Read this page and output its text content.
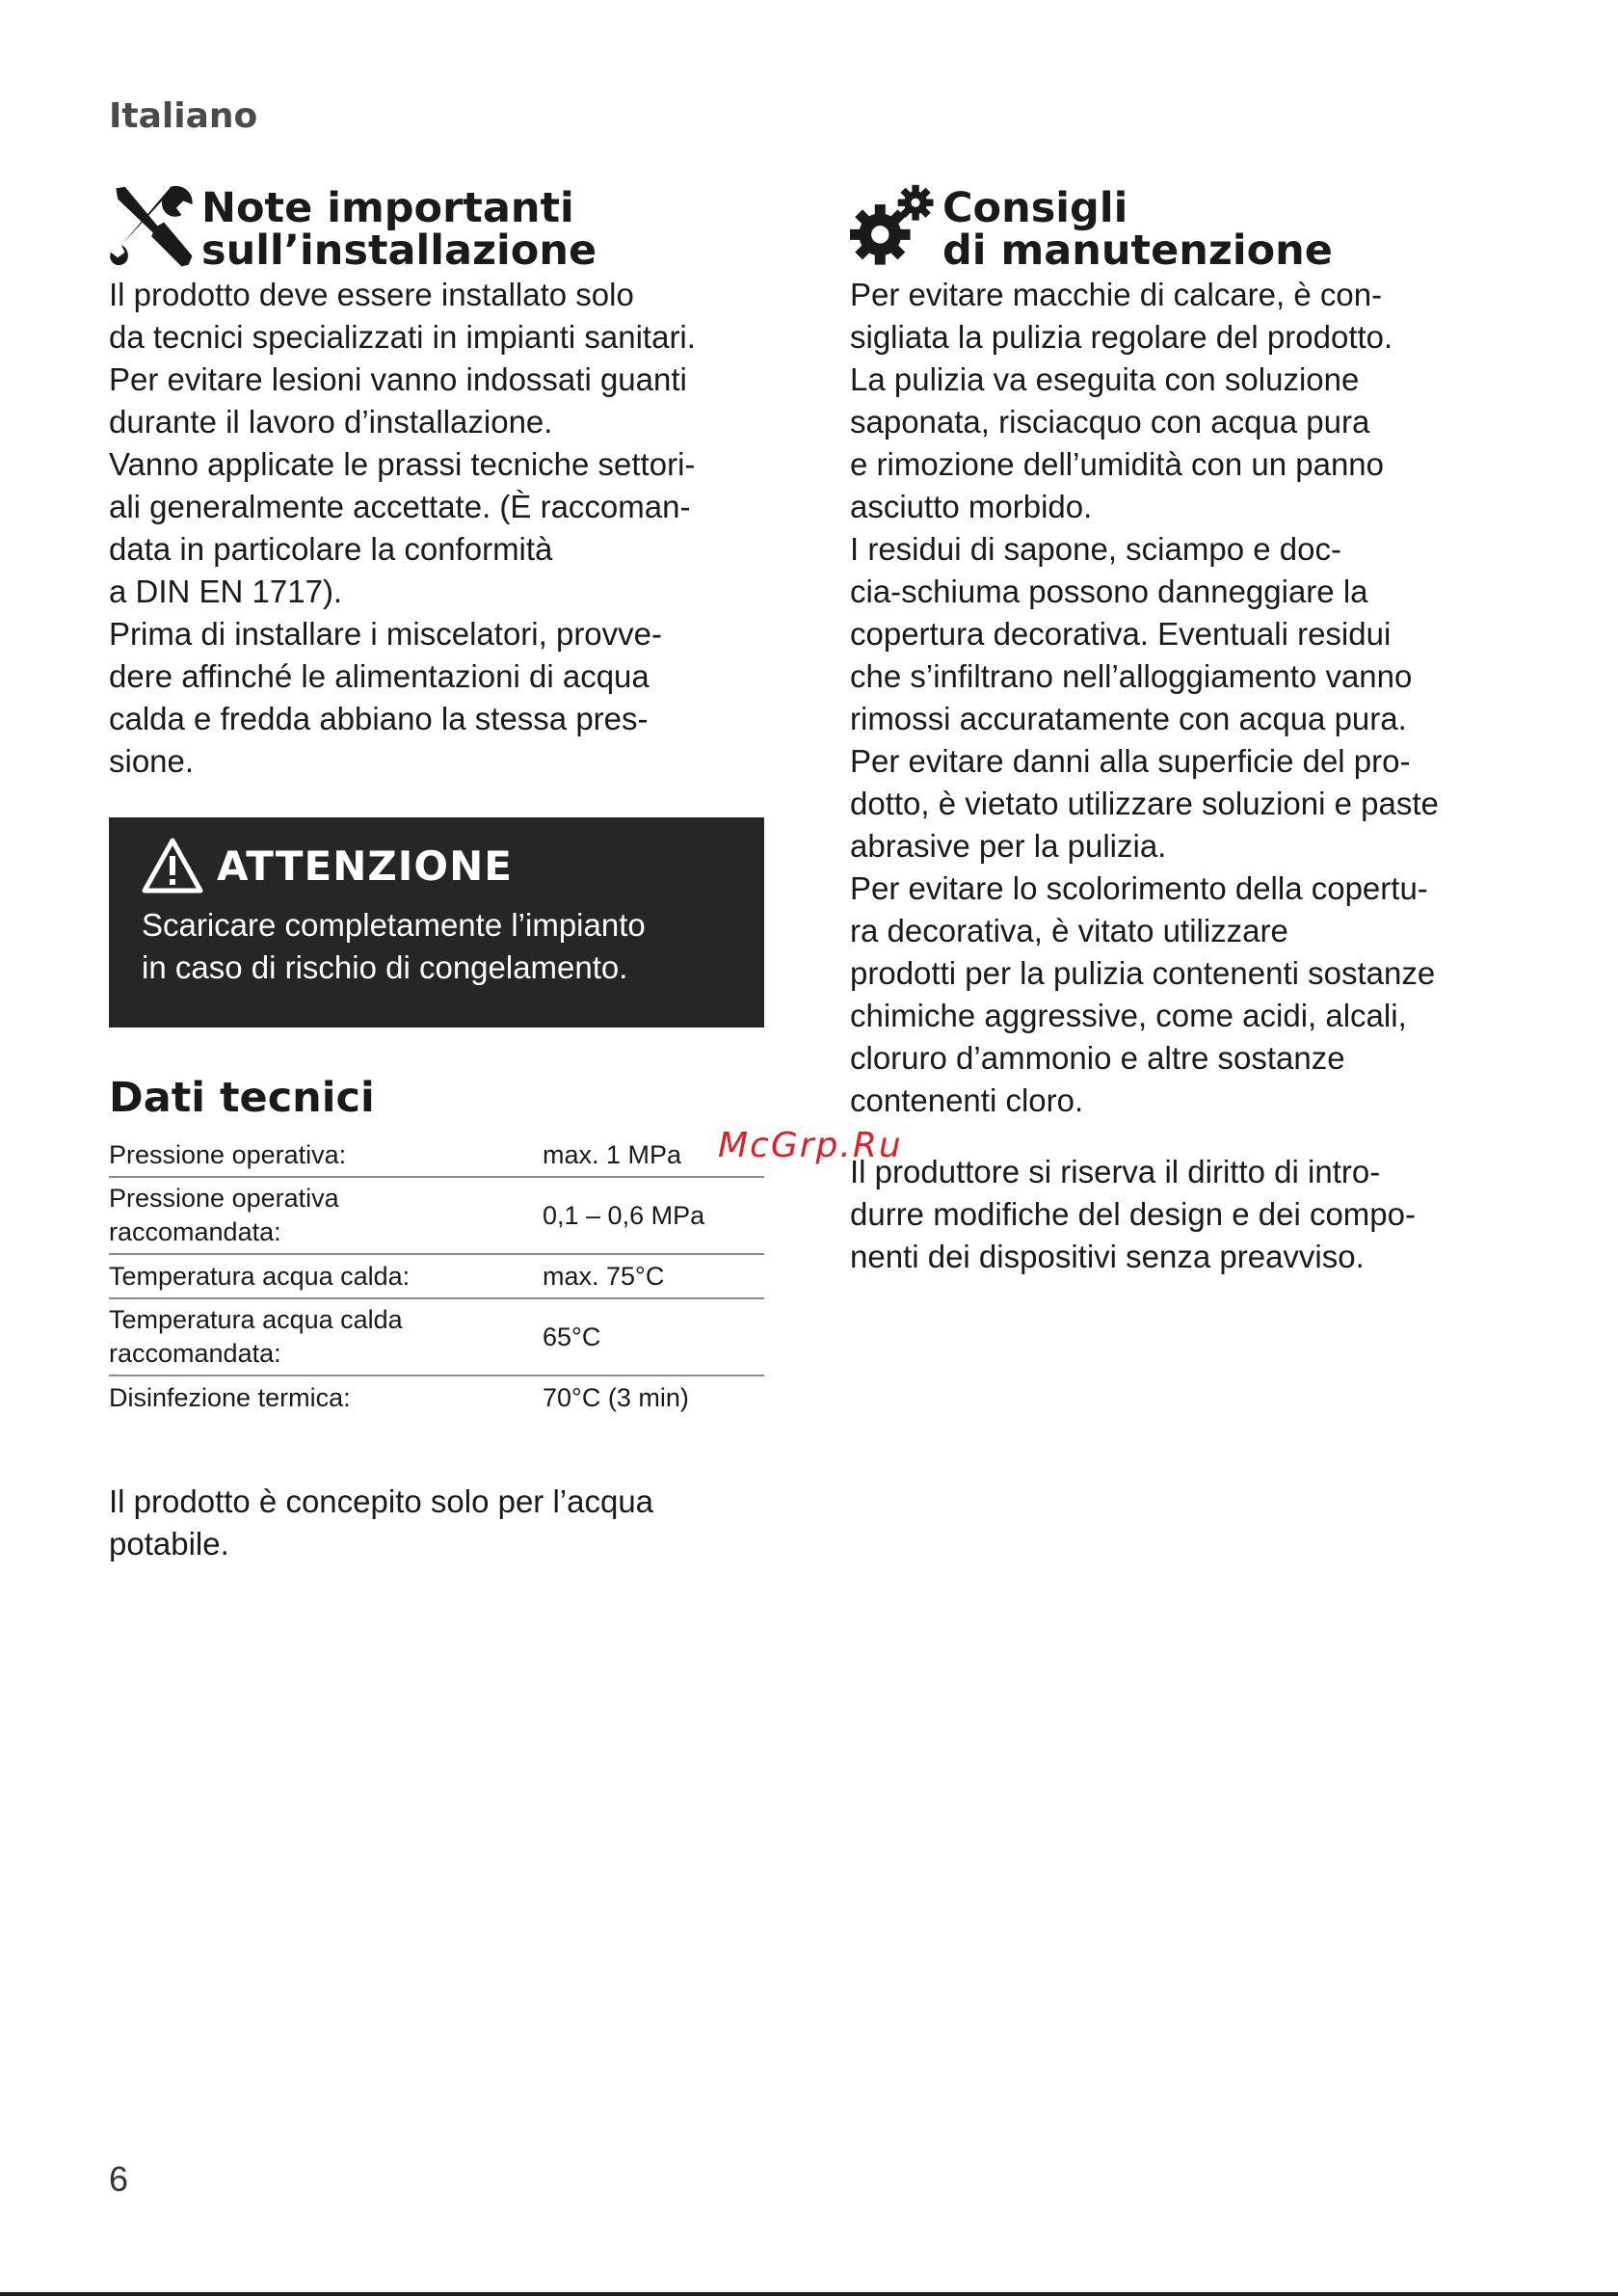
Italiano
Note importanti
sull’installazione

Il prodotto deve essere installato solo
da tecnici specializzati in impianti sanitari.
Per evitare lesioni vanno indossati guanti
durante il lavoro d’installazione.
Vanno applicate le prassi tecniche settori-
ali generalmente accettate. (È raccoman-
data in particolare la conformità
a DIN EN 1717).
Prima di installare i miscelatori, provve-
dere affinché le alimentazioni di acqua
calda e fredda abbiano la stessa pres-
sione.

ATTENZIONE
Scaricare completamente l’impianto
in caso di rischio di congelamento.
Dati tecnici
Pressione operativa:	max. 1 MPa
Pressione operativa
raccomandata:	0,1 – 0,6 MPa
Temperatura acqua calda:	max. 75°C
Temperatura acqua calda
raccomandata:	65°C
Disinfezione termica:	70°C (3 min)

Il prodotto è concepito solo per l’acqua
potabile.

Consigli
di manutenzione

Per evitare macchie di calcare, è con-
sigliata la pulizia regolare del prodotto.
La pulizia va eseguita con soluzione
saponata, risciacquo con acqua pura
e rimozione dell’umidità con un panno
asciutto morbido.
I residui di sapone, sciampo e doc-
cia-schiuma possono danneggiare la
copertura decorativa. Eventuali residui
che s’infiltrano nell’alloggiamento vanno
rimossi accuratamente con acqua pura.
Per evitare danni alla superficie del pro-
dotto, è vietato utilizzare soluzioni e paste
abrasive per la pulizia.
Per evitare lo scolorimento della copertu-
ra decorativa, è vitato utilizzare
prodotti per la pulizia contenenti sostanze
chimiche aggressive, come acidi, alcali,
cloruro d’ammonio e altre sostanze
contenenti cloro.

Il produttore si riserva il diritto di intro-
durre modifiche del design e dei compo-
nenti dei dispositivi senza preavviso.

McGrp.Ru
6
